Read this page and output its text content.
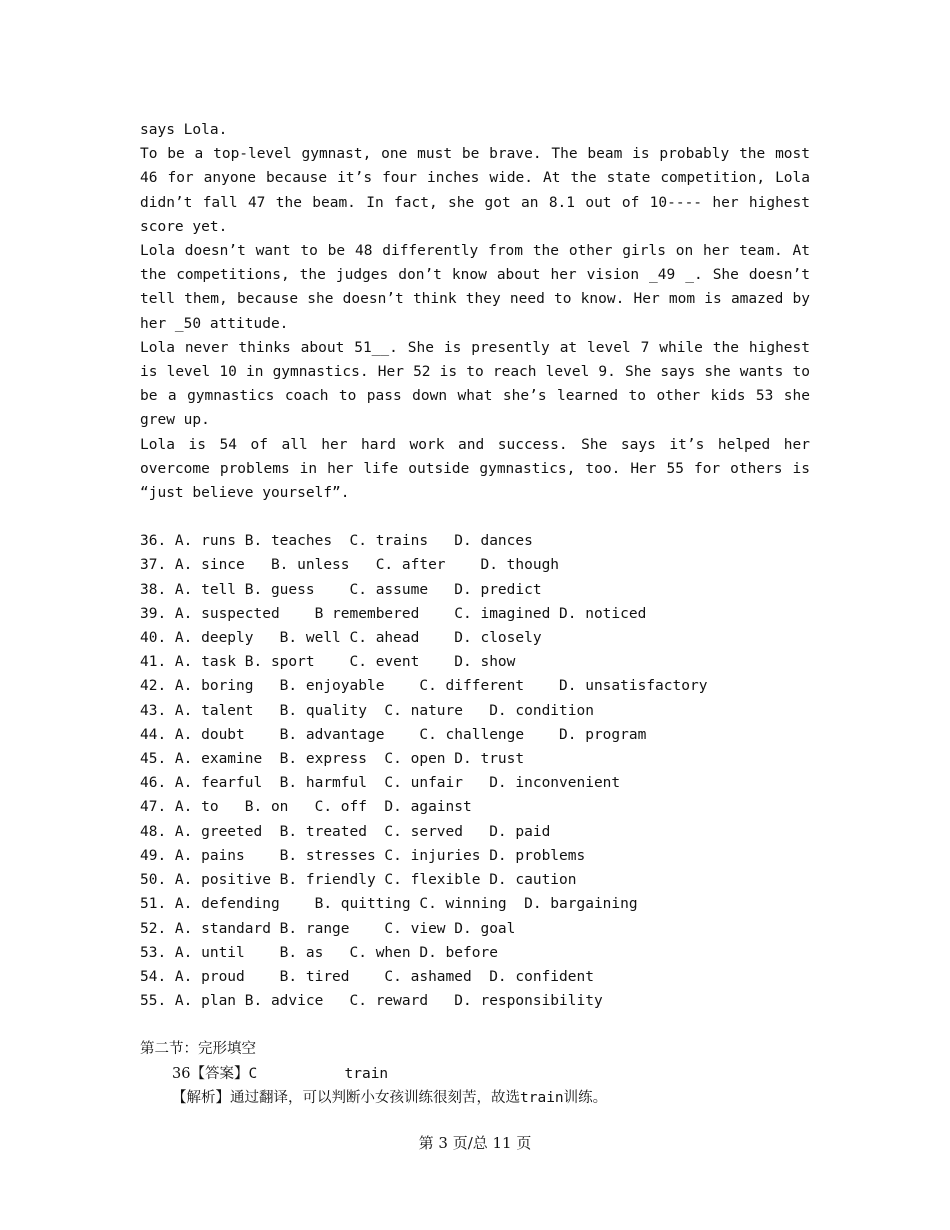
says Lola.

To be a top-level gymnast, one must be brave. The beam is probably the most 46 for anyone because it’s four inches wide. At the state competition, Lola didn’t fall 47 the beam. In fact, she got an 8.1 out of 10---- her highest score yet.

Lola doesn’t want to be 48 differently from the other girls on her team. At the competitions, the judges don’t know about her vision _49 _. She doesn’t tell them, because she doesn’t think they need to know. Her mom is amazed by her _50 attitude.

Lola never thinks about 51__. She is presently at level 7 while the highest is level 10 in gymnastics. Her 52 is to reach level 9. She says she wants to be a gymnastics coach to pass down what she’s learned to other kids 53 she grew up.

Lola is 54 of all her hard work and success. She says it’s helped her overcome problems in her life outside gymnastics, too. Her 55 for others is “just believe yourself”.

36. A. runs B. teaches  C. trains   D. dances

37. A. since   B. unless   C. after    D. though

38. A. tell B. guess    C. assume   D. predict

39. A. suspected    B remembered    C. imagined D. noticed

40. A. deeply   B. well C. ahead    D. closely

41. A. task B. sport    C. event    D. show

42. A. boring   B. enjoyable    C. different    D. unsatisfactory

43. A. talent   B. quality  C. nature   D. condition

44. A. doubt    B. advantage    C. challenge    D. program

45. A. examine  B. express  C. open D. trust

46. A. fearful  B. harmful  C. unfair   D. inconvenient

47. A. to   B. on   C. off  D. against

48. A. greeted  B. treated  C. served   D. paid

49. A. pains    B. stresses C. injuries D. problems

50. A. positive B. friendly C. flexible D. caution

51. A. defending    B. quitting C. winning  D. bargaining

52. A. standard B. range    C. view D. goal

53. A. until    B. as   C. when D. before

54. A. proud    B. tired    C. ashamed  D. confident

55. A. plan B. advice   C. reward   D. responsibility

第二节：完形填空

36【答案】C	train

【解析】通过翻译，可以判断小女孩训练很刻苦，故选train训练。

第 3 页/总 11 页
